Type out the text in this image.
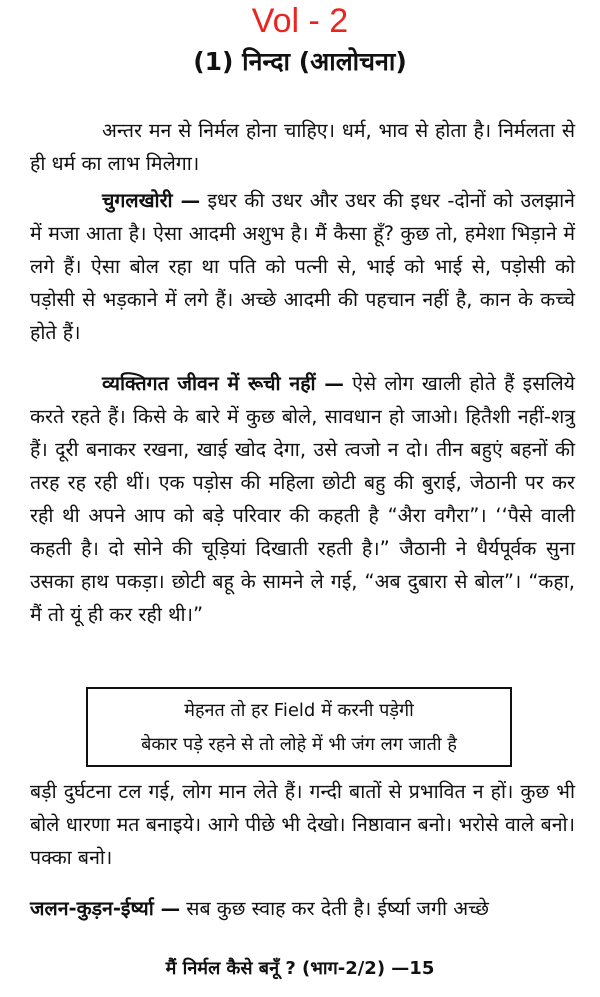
Vol - 2
(1) निन्दा (आलोचना)

अन्तर मन से निर्मल होना चाहिए। धर्म, भाव से होता है। निर्मलता से ही धर्म का लाभ मिलेगा।

चुगलखोरी — इधर की उधर और उधर की इधर -दोनों को उलझाने में मजा आता है। ऐसा आदमी अशुभ है। मैं कैसा हूँ? कुछ तो, हमेशा भिड़ाने में लगे हैं। ऐसा बोल रहा था पति को पत्नी से, भाई को भाई से, पड़ोसी को पड़ोसी से भड़काने में लगे हैं। अच्छे आदमी की पहचान नहीं है, कान के कच्चे होते हैं।

व्यक्तिगत जीवन में रूची नहीं — ऐसे लोग खाली होते हैं इसलिये करते रहते हैं। किसे के बारे में कुछ बोले, सावधान हो जाओ। हितैशी नहीं-शत्रु हैं। दूरी बनाकर रखना, खाई खोद देगा, उसे त्वजो न दो। तीन बहुएं बहनों की तरह रह रही थीं। एक पड़ोस की महिला छोटी बहु की बुराई, जेठानी पर कर रही थी अपने आप को बड़े परिवार की कहती है “अैरा वगैरा”। ‘‘पैसे वाली कहती है। दो सोने की चूड़ियां दिखाती रहती है।” जैठानी ने धैर्यपूर्वक सुना उसका हाथ पकड़ा। छोटी बहू के सामने ले गई, “अब दुबारा से बोल”। “कहा, मैं तो यूं ही कर रही थी।”

मेहनत तो हर Field में करनी पड़ेगी
बेकार पड़े रहने से तो लोहे में भी जंग लग जाती है

बड़ी दुर्घटना टल गई, लोग मान लेते हैं। गन्दी बातों से प्रभावित न हों। कुछ भी बोले धारणा मत बनाइये। आगे पीछे भी देखो। निष्ठावान बनो। भरोसे वाले बनो। पक्का बनो।

जलन-कुड़न-ईर्ष्या — सब कुछ स्वाह कर देती है। ईर्ष्या जगी अच्छे

मैं निर्मल कैसे बनूँ ? (भाग-2/2) —15
